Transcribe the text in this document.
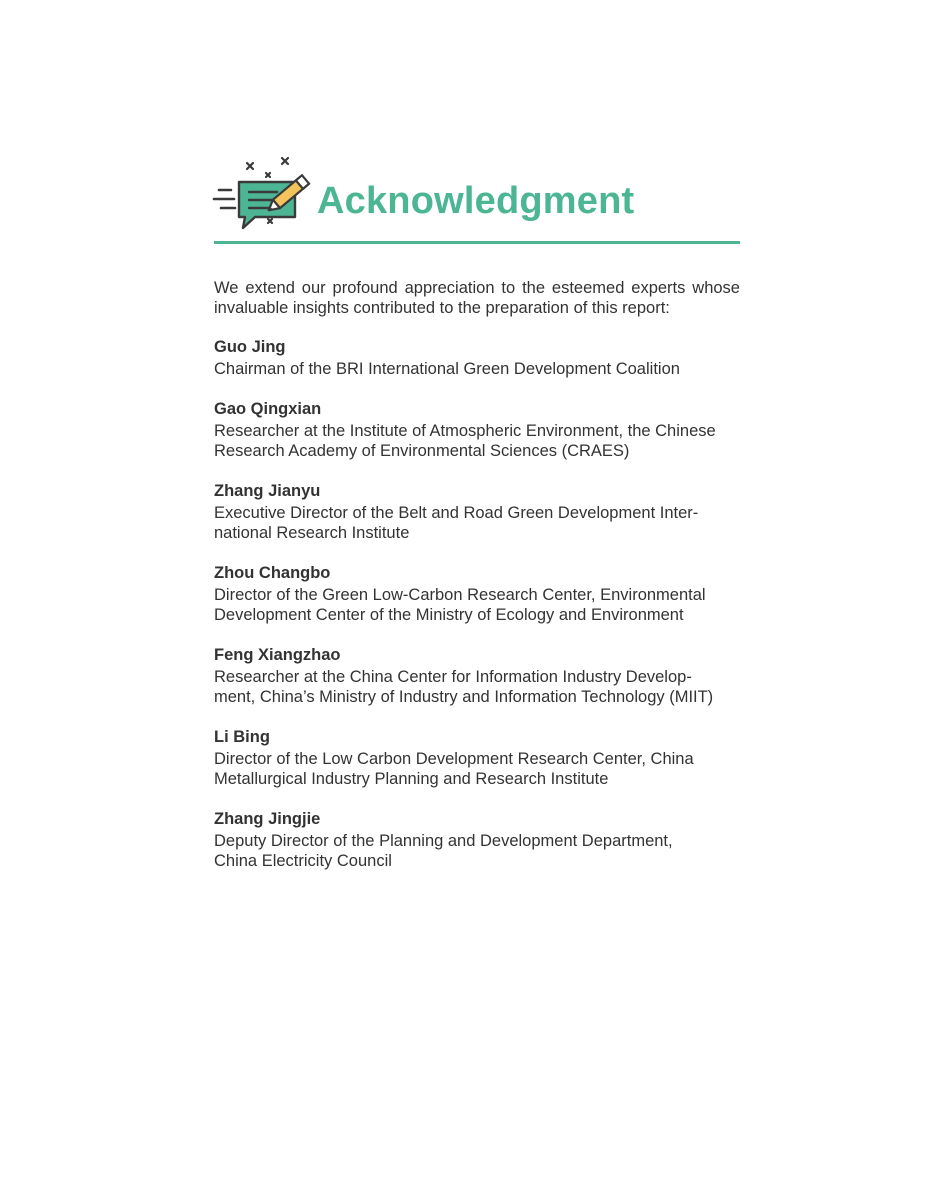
Acknowledgment

We extend our profound appreciation to the esteemed experts whose invaluable insights contributed to the preparation of this report:

Guo Jing
Chairman of the BRI International Green Development Coalition
Gao Qingxian
Researcher at the Institute of Atmospheric Environment, the Chinese
Research Academy of Environmental Sciences (CRAES)
Zhang Jianyu
Executive Director of the Belt and Road Green Development Inter-
national Research Institute
Zhou Changbo
Director of the Green Low-Carbon Research Center, Environmental
Development Center of the Ministry of Ecology and Environment
Feng Xiangzhao
Researcher at the China Center for Information Industry Develop-
ment, China’s Ministry of Industry and Information Technology (MIIT)
Li Bing
Director of the Low Carbon Development Research Center, China
Metallurgical Industry Planning and Research Institute
Zhang Jingjie
Deputy Director of the Planning and Development Department,
China Electricity Council
